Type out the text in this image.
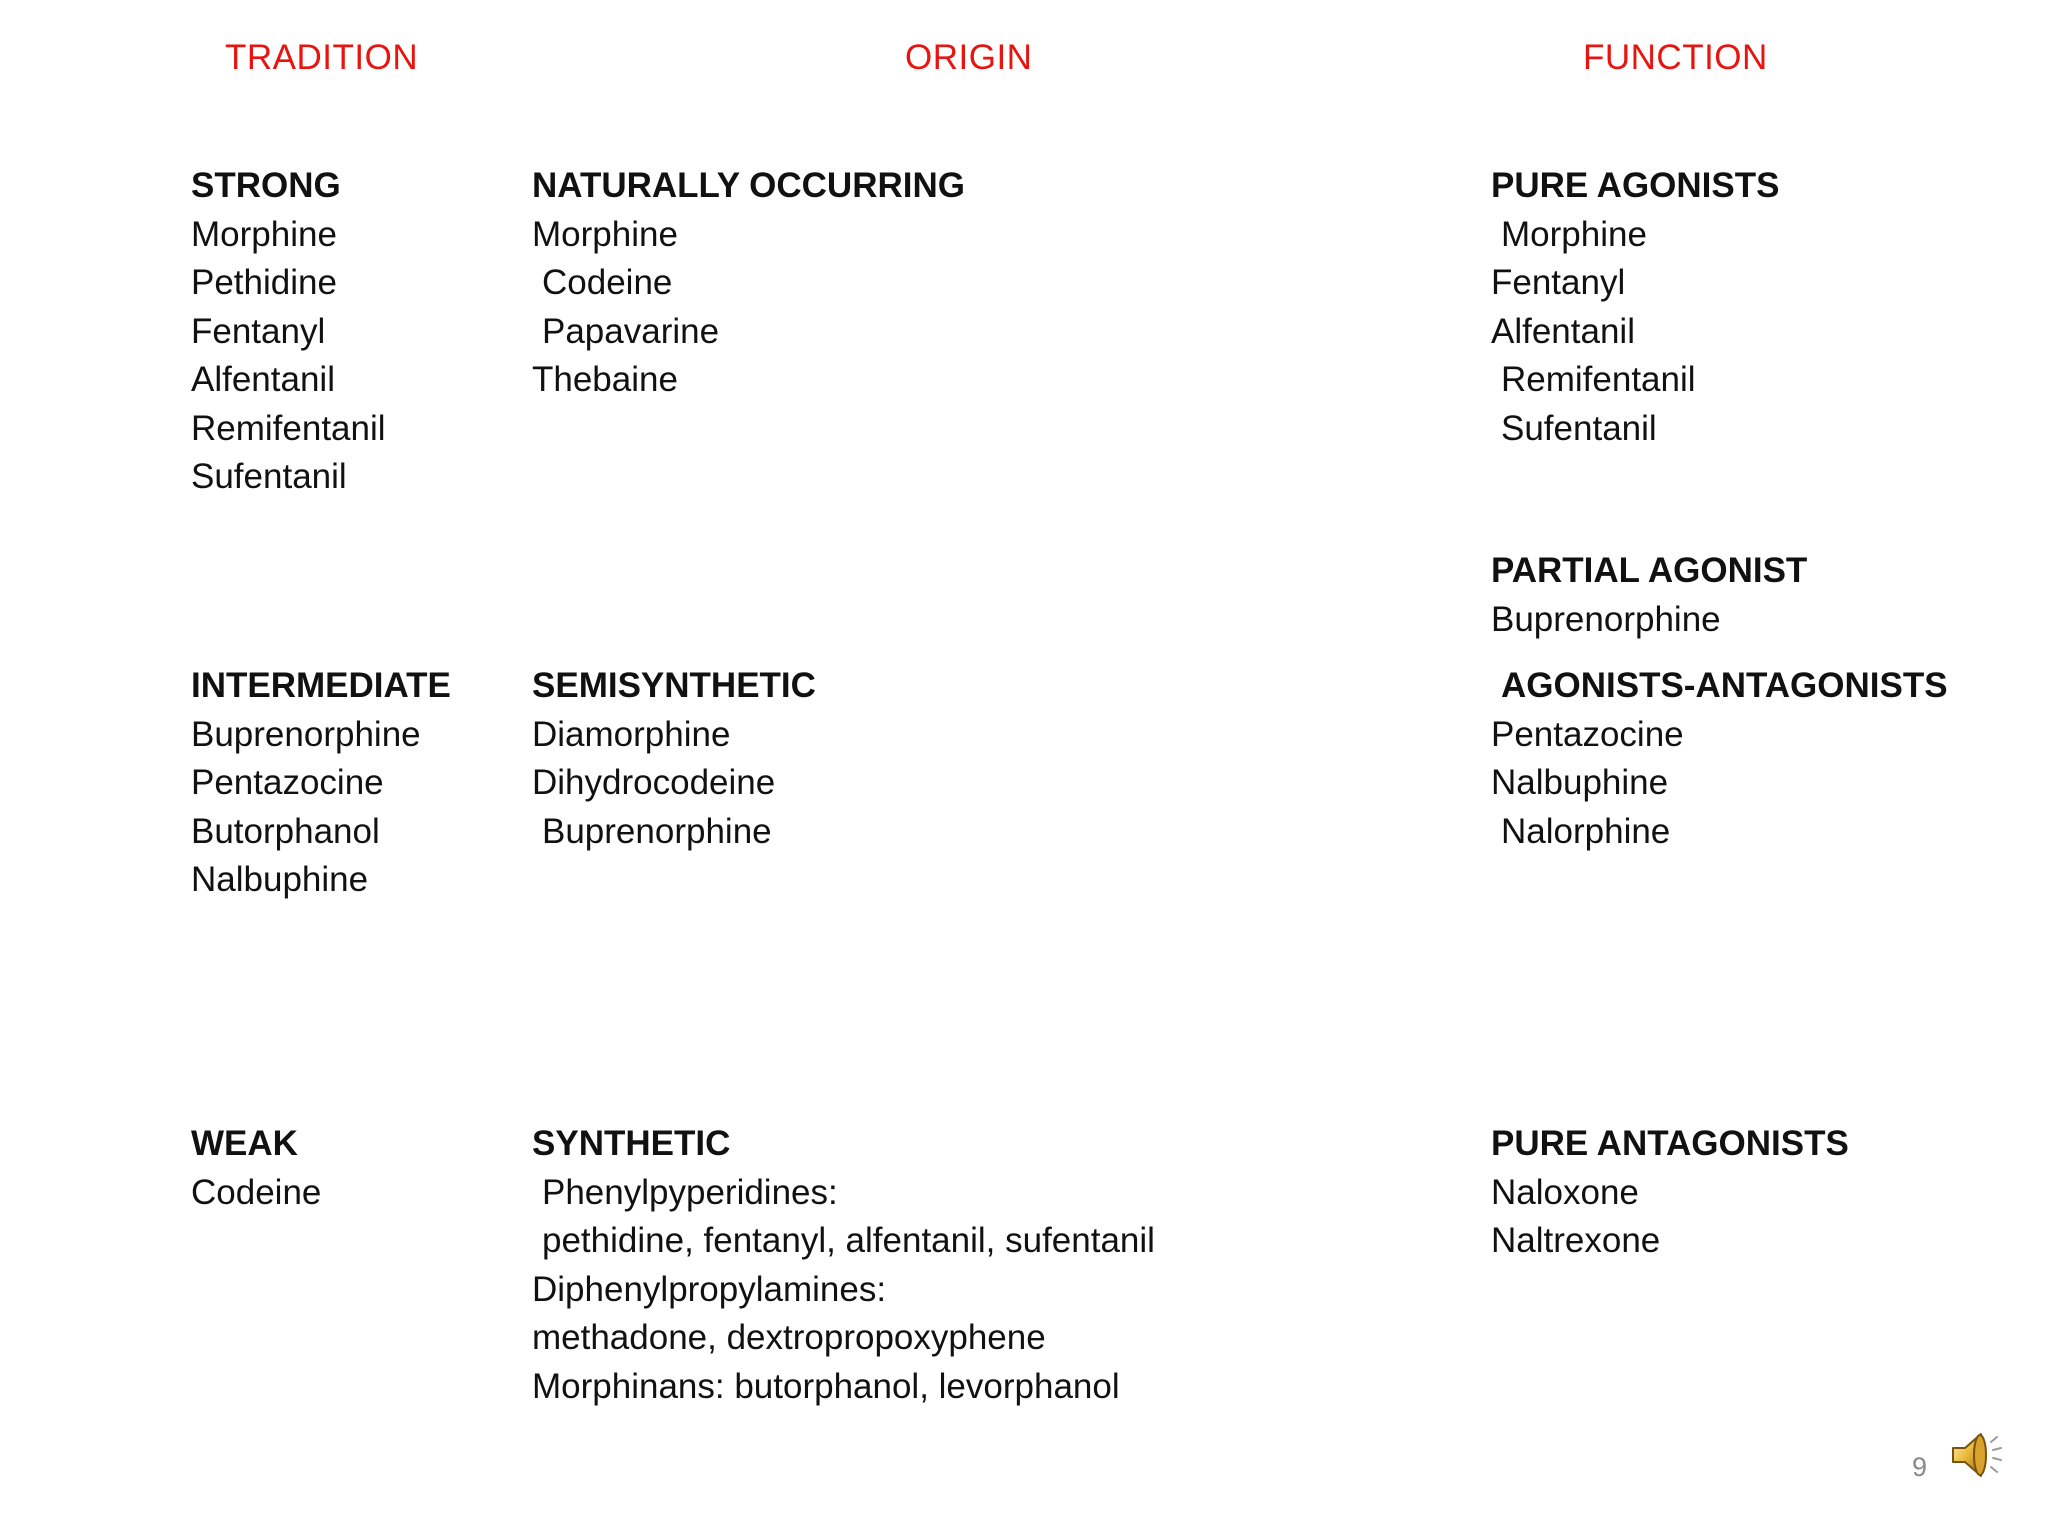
TRADITION	ORIGIN	FUNCTION
STRONG
Morphine
Pethidine
Fentanyl
Alfentanil
Remifentanil
Sufentanil
INTERMEDIATE
Buprenorphine
Pentazocine
Butorphanol
Nalbuphine
WEAK
Codeine
NATURALLY OCCURRING
Morphine
Codeine
Papavarine
Thebaine
SEMISYNTHETIC
Diamorphine
Dihydrocodeine
Buprenorphine
SYNTHETIC
Phenylpyperidines:
pethidine, fentanyl, alfentanil, sufentanil
Diphenylpropylamines:
methadone, dextropropoxyphene
Morphinans: butorphanol, levorphanol
PURE AGONISTS
Morphine
Fentanyl
Alfentanil
Remifentanil
Sufentanil
PARTIAL AGONIST
Buprenorphine
AGONISTS-ANTAGONISTS
Pentazocine
Nalbuphine
Nalorphine
PURE ANTAGONISTS
Naloxone
Naltrexone
9
